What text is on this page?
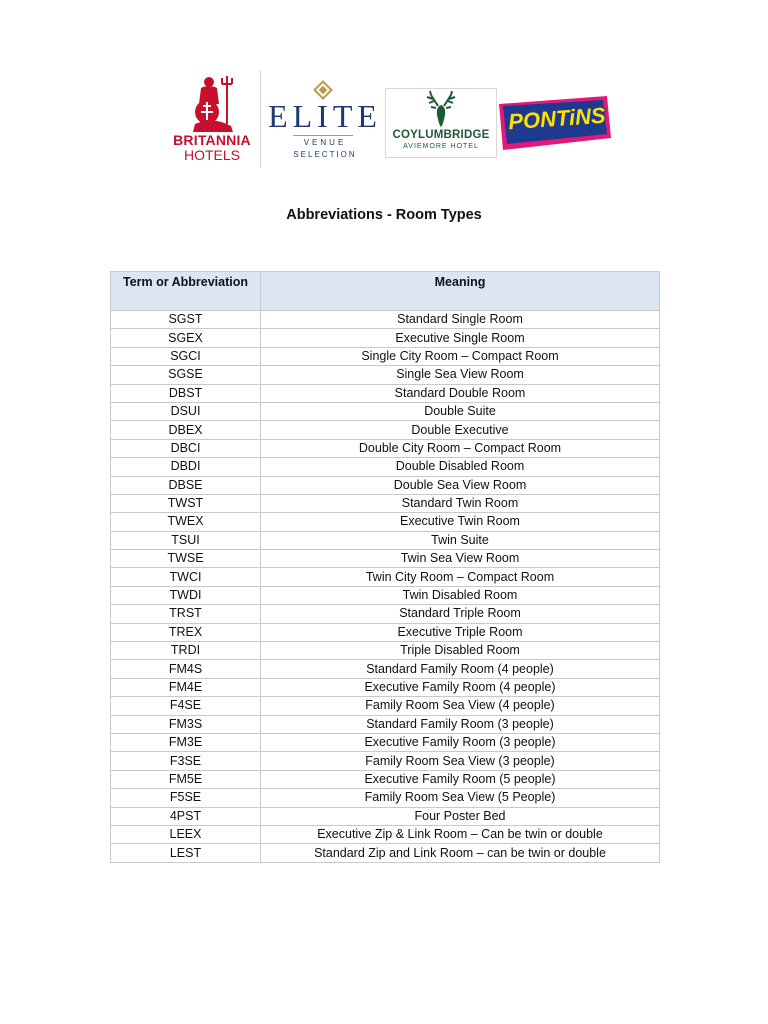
BRITANNIA
HOTELS
ELITE
VENUE
SELECTION
COYLUMBRIDGE
AVIEMORE HOTEL
PONTiNS
Abbreviations - Room Types
Term or Abbreviation	Meaning
SGST	Standard Single Room
SGEX	Executive Single Room
SGCI	Single City Room – Compact Room
SGSE	Single Sea View Room
DBST	Standard Double Room
DSUI	Double Suite
DBEX	Double Executive
DBCI	Double City Room – Compact Room
DBDI	Double Disabled Room
DBSE	Double Sea View Room
TWST	Standard Twin Room
TWEX	Executive Twin Room
TSUI	Twin Suite
TWSE	Twin Sea View Room
TWCI	Twin City Room – Compact Room
TWDI	Twin Disabled Room
TRST	Standard Triple Room
TREX	Executive Triple Room
TRDI	Triple Disabled Room
FM4S	Standard Family Room (4 people)
FM4E	Executive Family Room (4 people)
F4SE	Family Room Sea View (4 people)
FM3S	Standard Family Room (3 people)
FM3E	Executive Family Room (3 people)
F3SE	Family Room Sea View (3 people)
FM5E	Executive Family Room (5 people)
F5SE	Family Room Sea View (5 People)
4PST	Four Poster Bed
LEEX	Executive Zip & Link Room – Can be twin or double
LEST	Standard Zip and Link Room – can be twin or double
